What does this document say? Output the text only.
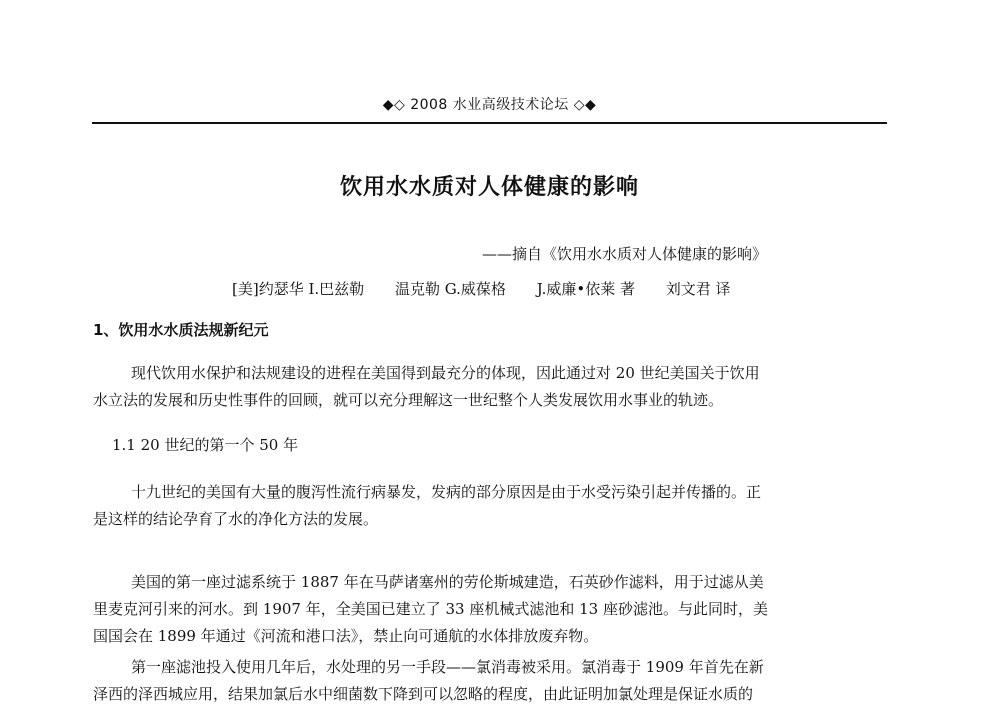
◆◇ 2008 水业高级技术论坛 ◇◆
饮用水水质对人体健康的影响
——摘自《饮用水水质对人体健康的影响》
[美]约瑟华 I.巴兹勒 温克勒 G.威葆格 J.威廉•依莱 著 刘文君 译
1、饮用水水质法规新纪元
现代饮用水保护和法规建设的进程在美国得到最充分的体现，因此通过对 20 世纪美国关于饮用
水立法的发展和历史性事件的回顾，就可以充分理解这一世纪整个人类发展饮用水事业的轨迹。
1.1 20 世纪的第一个 50 年
十九世纪的美国有大量的腹泻性流行病暴发，发病的部分原因是由于水受污染引起并传播的。正
是这样的结论孕育了水的净化方法的发展。
美国的第一座过滤系统于 1887 年在马萨诸塞州的劳伦斯城建造，石英砂作滤料，用于过滤从美
里麦克河引来的河水。到 1907 年，全美国已建立了 33 座机械式滤池和 13 座砂滤池。与此同时，美
国国会在 1899 年通过《河流和港口法》，禁止向可通航的水体排放废弃物。
第一座滤池投入使用几年后，水处理的另一手段——氯消毒被采用。氯消毒于 1909 年首先在新
泽西的泽西城应用，结果加氯后水中细菌数下降到可以忽略的程度，由此证明加氯处理是保证水质的
